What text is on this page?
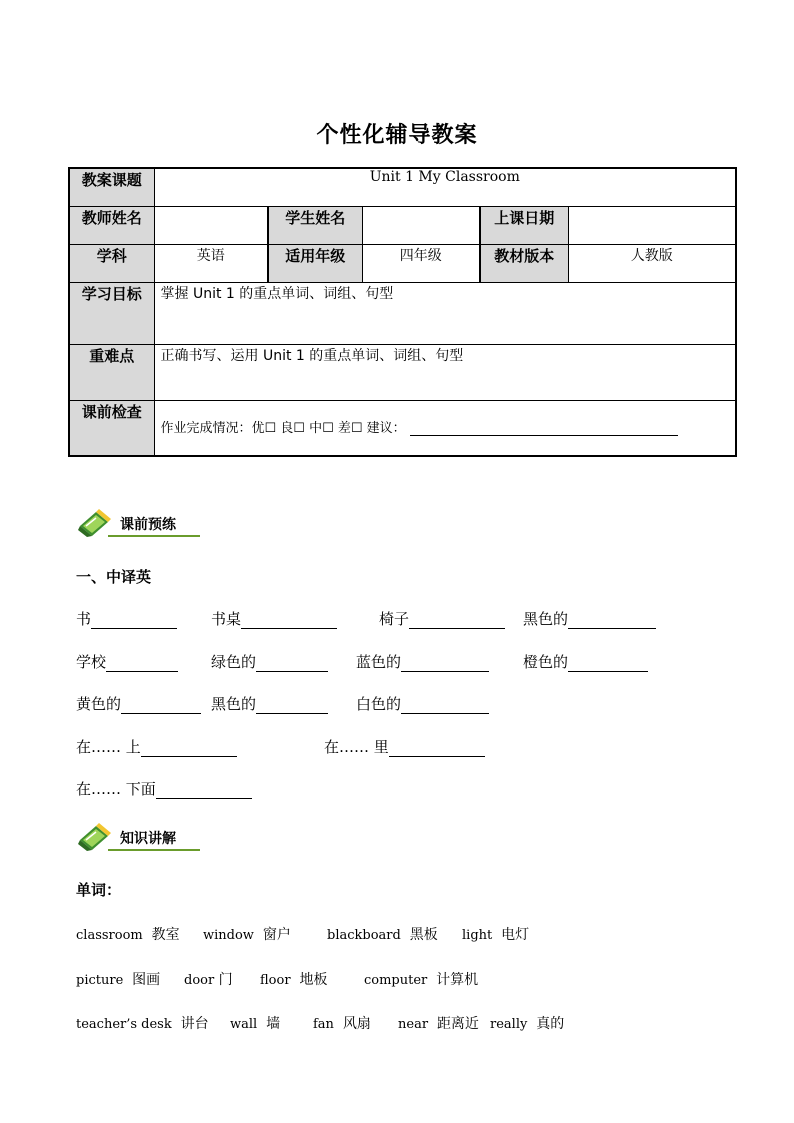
个性化辅导教案
教案课题	Unit 1 My Classroom				
教师姓名		学生姓名		上课日期	
学科	英语	适用年级	四年级	教材版本	人教版
学习目标	掌握 Unit 1 的重点单词、词组、句型				
重难点	正确书写、运用 Unit 1 的重点单词、词组、句型				
课前检查	作业完成情况：优☐ 良☐ 中☐ 差☐ 建议：				
课前预练
一、中译英
书	书桌	椅子	黑色的
学校	绿色的	蓝色的	橙色的
黄色的	黑色的	白色的
在…… 上	在…… 里
在…… 下面
知识讲解
单词：
classroom 教室 window 窗户	blackboard 黑板 light 电灯
picture 图画 door 门 floor 地板	computer 计算机
teacher’s desk 讲台 wall 墙	fan 风扇 near 距离近 really 真的
